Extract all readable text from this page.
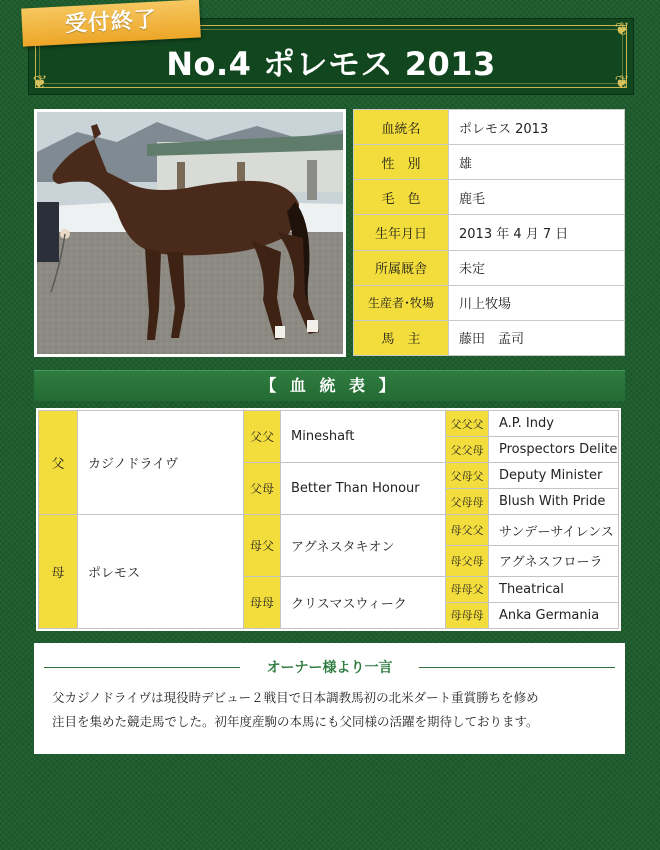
❦
❦	❦
No.4 ポレモス 2013
受付終了
血統名	ポレモス 2013
性　別	雄
毛　色	鹿毛
生年月日	2013 年 4 月 7 日
所属厩舎	未定
生産者･牧場	川上牧場
馬　主	藤田　孟司
【 血 統 表 】
父	カジノドライヴ	父父	Mineshaft	父父父	A.P. Indy
				父父母	Prospectors Delite
		父母	Better Than Honour	父母父	Deputy Minister
				父母母	Blush With Pride
母	ポレモス	母父	アグネスタキオン	母父父	サンデーサイレンス
				母父母	アグネスフローラ
		母母	クリスマスウィーク	母母父	Theatrical
				母母母	Anka Germania
オーナー様より一言
父カジノドライヴは現役時デビュー２戦目で日本調教馬初の北米ダート重賞勝ちを修め
注目を集めた競走馬でした。初年度産駒の本馬にも父同様の活躍を期待しております。
